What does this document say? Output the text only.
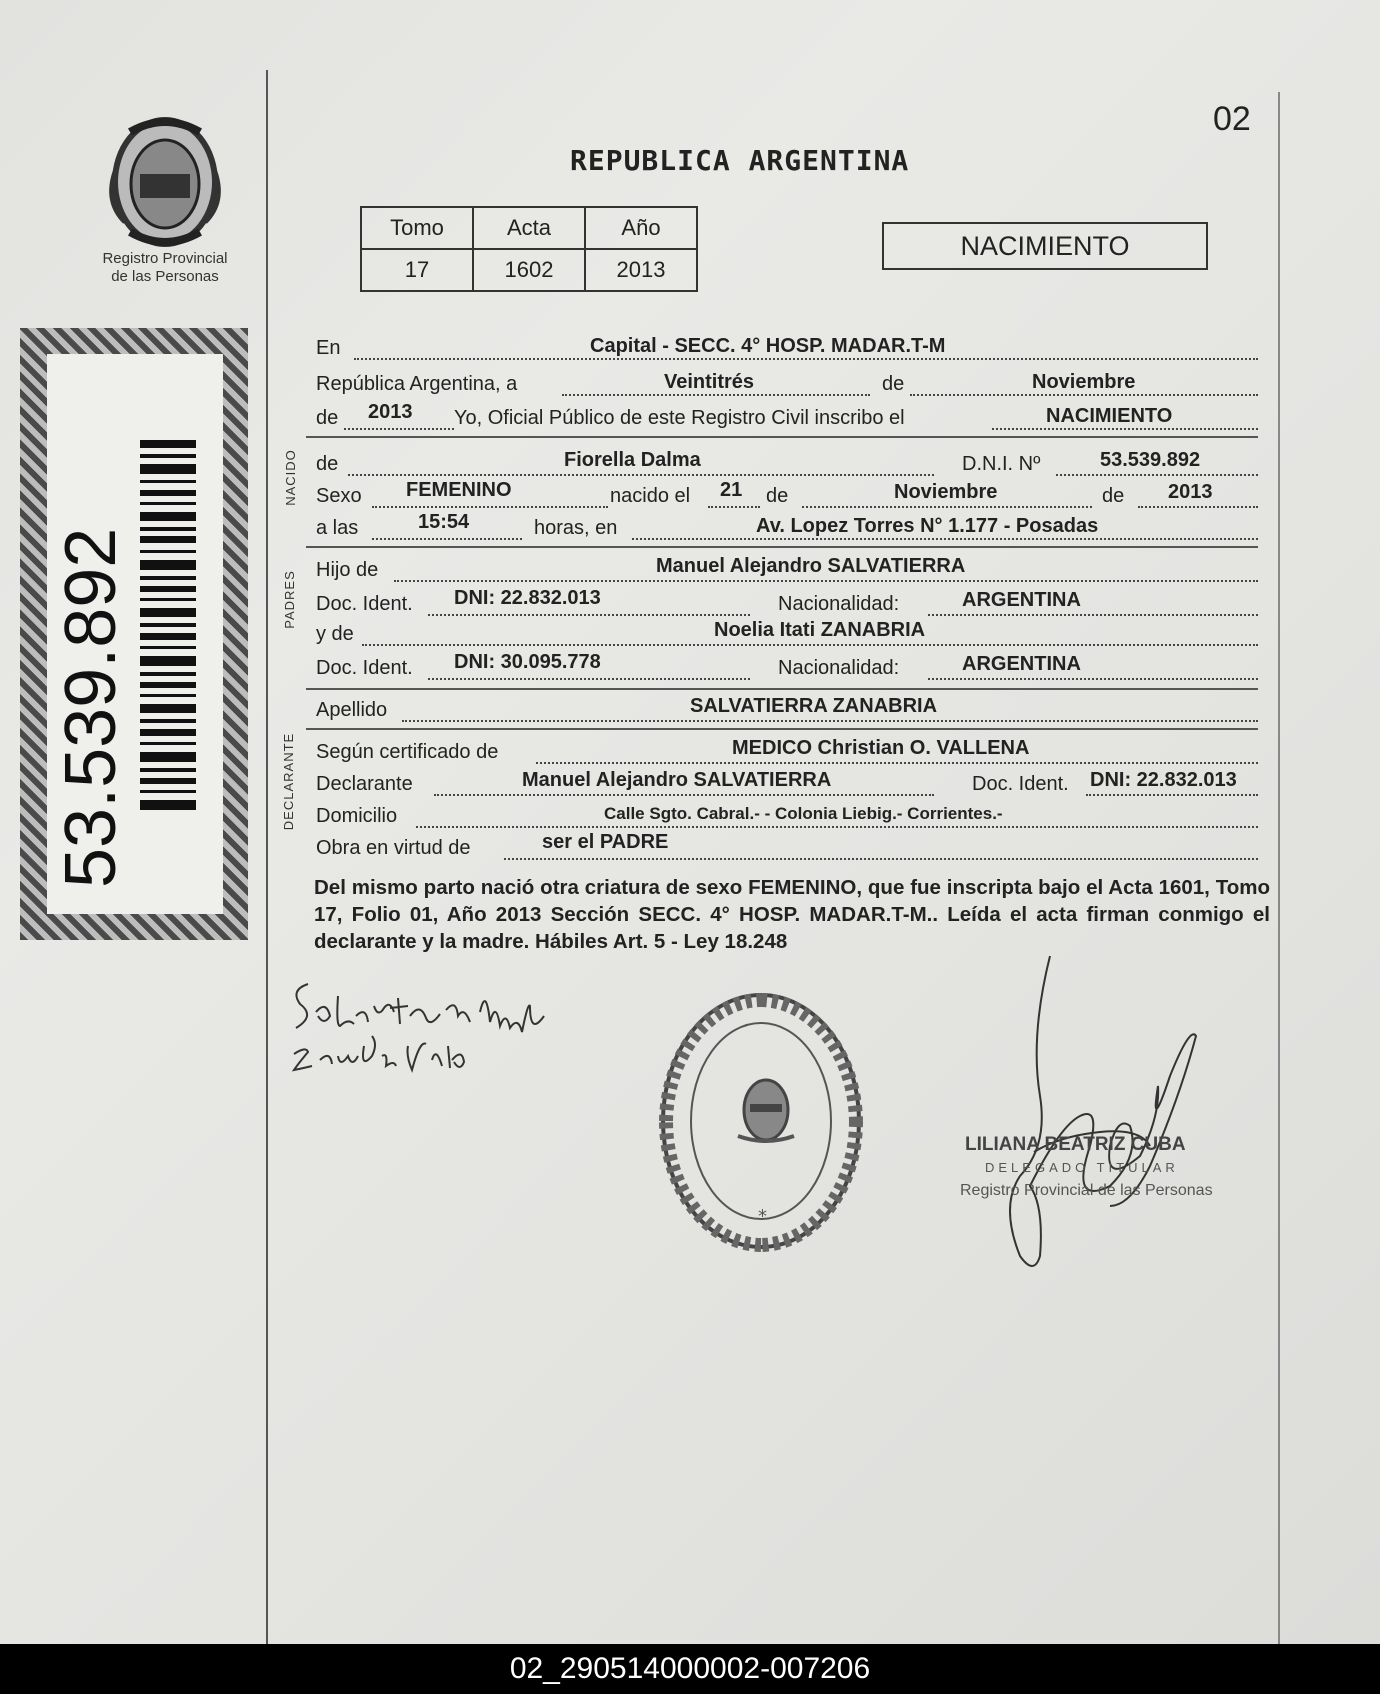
02
REPUBLICA ARGENTINA
Registro Provincial
de las Personas
53.539.892
Tomo	Acta	Año
17	1602	2013
NACIMIENTO
NACIDO
PADRES
DECLARANTE
En	Capital - SECC. 4° HOSP. MADAR.T-M
República Argentina, a	Veintitrés	de	Noviembre
de 2013 Yo, Oficial Público de este Registro Civil inscribo el	NACIMIENTO
de	Fiorella Dalma	D.N.I. Nº	53.539.892
Sexo FEMENINO	nacido el 21 de	Noviembre	de 2013
a las	15:54	horas, en	Av. Lopez Torres N° 1.177 - Posadas
Hijo de	Manuel Alejandro SALVATIERRA
Doc. Ident. DNI: 22.832.013	Nacionalidad:	ARGENTINA
y de	Noelia Itati ZANABRIA
Doc. Ident. DNI: 30.095.778	Nacionalidad:	ARGENTINA
Apellido	SALVATIERRA ZANABRIA
Según certificado de	MEDICO Christian O. VALLENA
Declarante	Manuel Alejandro SALVATIERRA	Doc. Ident. DNI: 22.832.013
Domicilio	Calle Sgto. Cabral.- - Colonia Liebig.- Corrientes.-
Obra en virtud de	ser el PADRE
Del mismo parto nació otra criatura de sexo FEMENINO, que fue inscripta bajo el Acta 1601, Tomo 17, Folio 01, Año 2013 Sección SECC. 4° HOSP. MADAR.T-M.. Leída el acta firman conmigo el declarante y la madre. Hábiles Art. 5 - Ley 18.248
*
LILIANA BEATRIZ CUBA
DELEGADO TITULAR
Registro Provincial de las Personas
02_290514000002-007206
